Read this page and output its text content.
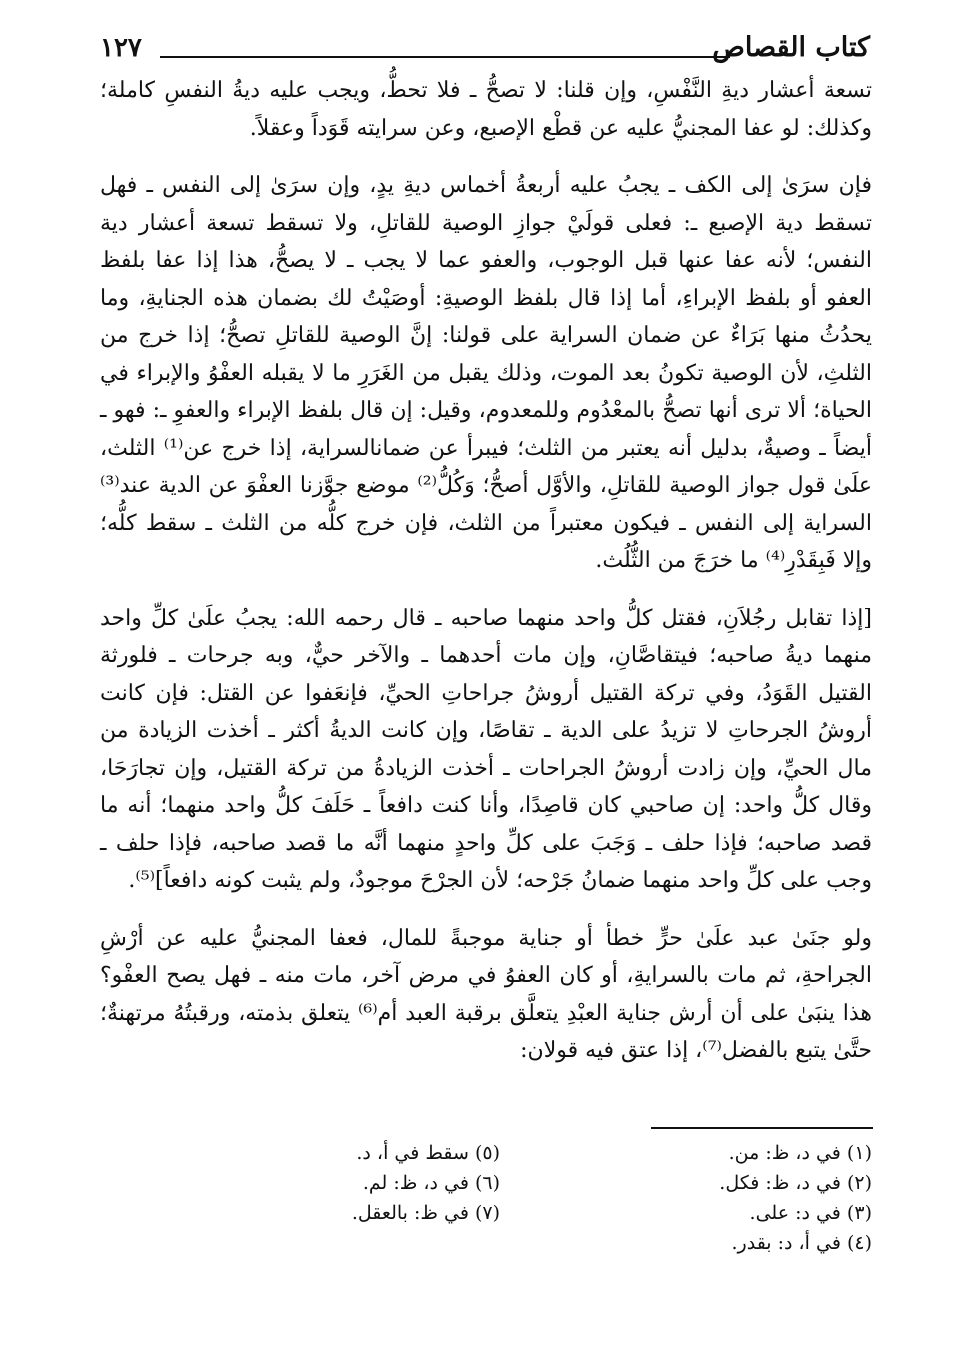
كتاب القصاص
١٢٧

تسعة أعشار ديةِ النَّفْسِ، وإن قلنا: لا تصحُّ ـ فلا تحطُّ، ويجب عليه ديةُ النفسِ كاملة؛ وكذلك: لو عفا المجنيُّ عليه عن قطْع الإصبع، وعن سرايته قَوَداً وعقلاً.

فإن سرَىٰ إلى الكف ـ يجبُ عليه أربعةُ أخماس ديةِ يدٍ، وإن سرَىٰ إلى النفس ـ فهل تسقط دية الإصبع ـ: فعلى قولَيْ جوازِ الوصية للقاتلِ، ولا تسقط تسعة أعشار دية النفس؛ لأنه عفا عنها قبل الوجوب، والعفو عما لا يجب ـ لا يصحُّ، هذا إذا عفا بلفظ العفو أو بلفظ الإبراءِ، أما إذا قال بلفظ الوصيةِ: أوصَيْتُ لك بضمان هذه الجنايةِ، وما يحدُثُ منها بَرَاءٌ عن ضمان السراية على قولنا: إنَّ الوصية للقاتلِ تصحُّ؛ إذا خرج من الثلثِ، لأن الوصية تكونُ بعد الموت، وذلك يقبل من الغَرَرِ ما لا يقبله العفْوُ والإبراء في الحياة؛ ألا ترى أنها تصحُّ بالمعْدُوم وللمعدوم، وقيل: إن قال بلفظ الإبراء والعفوِ ـ: فهو ـ أيضاً ـ وصيةٌ، بدليل أنه يعتبر من الثلث؛ فيبرأ عن ضمانالسراية، إذا خرج عن⁽¹⁾ الثلث، علَىٰ قول جواز الوصية للقاتلِ، والأوَّل أصحُّ؛ وَكُلُّ⁽²⁾ موضع جوَّزنا العفْوَ عن الدية عند⁽³⁾ السراية إلى النفس ـ فيكون معتبراً من الثلث، فإن خرج كلُّه من الثلث ـ سقط كلُّه؛ وإلا فَبِقَدْرِ⁽⁴⁾ ما خرَجَ من الثُّلُث.

[إذا تقابل رجُلاَنِ، فقتل كلُّ واحد منهما صاحبه ـ قال رحمه الله: يجبُ علَىٰ كلِّ واحد منهما ديةُ صاحبه؛ فيتقاصَّانِ، وإن مات أحدهما ـ والآخر حيٌّ، وبه جرحات ـ فلورثة القتيل القَوَدُ، وفي تركة القتيل أروشُ جراحاتِ الحيِّ، فإنعَفوا عن القتل: فإن كانت أروشُ الجرحاتِ لا تزيدُ على الدية ـ تقاصًا، وإن كانت الديةُ أكثر ـ أخذت الزيادة من مال الحيِّ، وإن زادت أروشُ الجراحات ـ أخذت الزيادةُ من تركة القتيل، وإن تجارَحَا، وقال كلُّ واحد: إن صاحبي كان قاصِدًا، وأنا كنت دافعاً ـ حَلَفَ كلُّ واحد منهما؛ أنه ما قصد صاحبه؛ فإذا حلف ـ وَجَبَ على كلِّ واحدٍ منهما أنَّه ما قصد صاحبه، فإذا حلف ـ وجب على كلِّ واحد منهما ضمانُ جَرْحه؛ لأن الجرْحَ موجودٌ، ولم يثبت كونه دافعاً]⁽⁵⁾.

ولو جنَىٰ عبد علَىٰ حرٍّ خطأ أو جناية موجبةً للمال، فعفا المجنيُّ عليه عن أرْشِ الجراحةِ، ثم مات بالسرايةِ، أو كان العفوُ في مرض آخر، مات منه ـ فهل يصح العفْو؟ هذا ينبَىٰ على أن أرش جناية العبْدِ يتعلَّق برقبة العبد أم⁽⁶⁾ يتعلق بذمته، ورقبتُهُ مرتهنةٌ؛ حتَّىٰ يتبع بالفضل⁽⁷⁾، إذا عتق فيه قولان:

(١) في د، ظ: من.
(٢) في د، ظ: فكل.
(٣) في د: على.
(٤) في أ، د: بقدر.
(٥) سقط في أ، د.
(٦) في د، ظ: لم.
(٧) في ظ: بالعقل.
